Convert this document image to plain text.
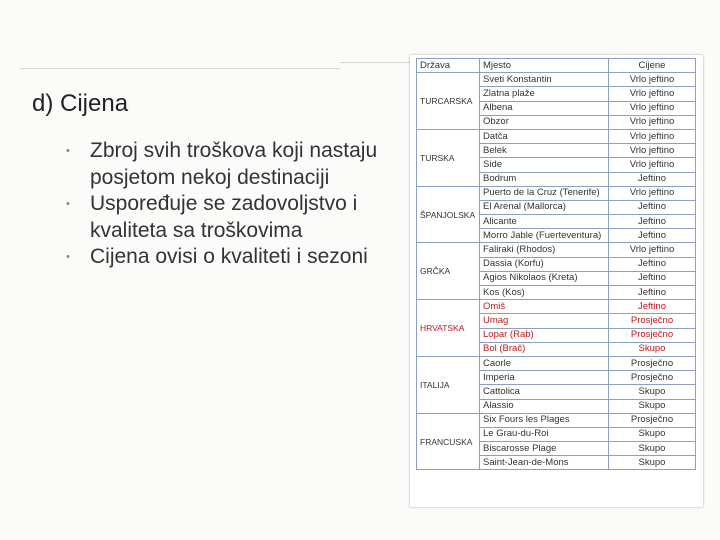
d) Cijena
• Zbroj svih troškova koji nastaju posjetom nekoj destinaciji
• Uspoređuje se zadovoljstvo i kvaliteta sa troškovima
• Cijena ovisi o kvaliteti i sezoni
Država	Mjesto	Cijene
TURCARSKA	Sveti Konstantin	Vrlo jeftino
	Zlatna plaže	Vrlo jeftino
	Albena	Vrlo jeftino
	Obzor	Vrlo jeftino
TURSKA	Datča	Vrlo jeftino
	Belek	Vrlo jeftino
	Side	Vrlo jeftino
	Bodrum	Jeftino
ŠPANJOLSKA	Puerto de la Cruz (Tenerife)	Vrlo jeftino
	El Arenal (Mallorca)	Jeftino
	Alicante	Jeftino
	Morro Jable (Fuerteventura)	Jeftino
GRČKA	Faliraki (Rhodos)	Vrlo jeftino
	Dassia (Korfu)	Jeftino
	Agios Nikolaos (Kreta)	Jeftino
	Kos (Kos)	Jeftino
HRVATSKA	Omiš	Jeftino
	Umag	Prosječno
	Lopar (Rab)	Prosječno
	Bol (Brač)	Skupo
ITALIJA	Caorle	Prosječno
	Imperia	Prosječno
	Cattolica	Skupo
	Alassio	Skupo
FRANCUSKA	Six Fours les Plages	Prosječno
	Le Grau-du-Roi	Skupo
	Biscarosse Plage	Skupo
	Saint-Jean-de-Mons	Skupo
